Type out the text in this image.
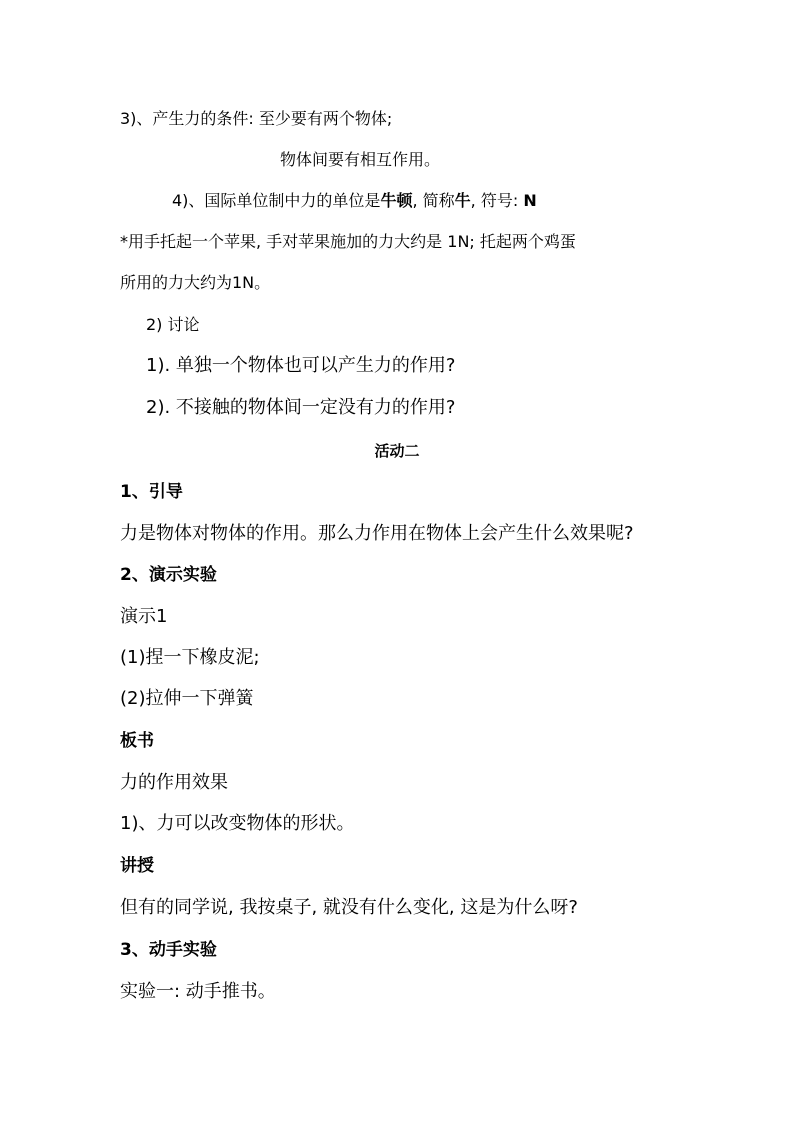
3)、产生力的条件: 至少要有两个物体;
物体间要有相互作用。
4)、国际单位制中力的单位是牛顿, 简称牛, 符号: N
*用手托起一个苹果, 手对苹果施加的力大约是 1N; 托起两个鸡蛋
所用的力大约为1N。
2) 讨论
1). 单独一个物体也可以产生力的作用?
2). 不接触的物体间一定没有力的作用?
活动二
1、引导
力是物体对物体的作用。那么力作用在物体上会产生什么效果呢?
2、演示实验
演示1
(1)捏一下橡皮泥;
(2)拉伸一下弹簧
板书
力的作用效果
1)、力可以改变物体的形状。
讲授
但有的同学说, 我按桌子, 就没有什么变化, 这是为什么呀?
3、动手实验
实验一: 动手推书。
